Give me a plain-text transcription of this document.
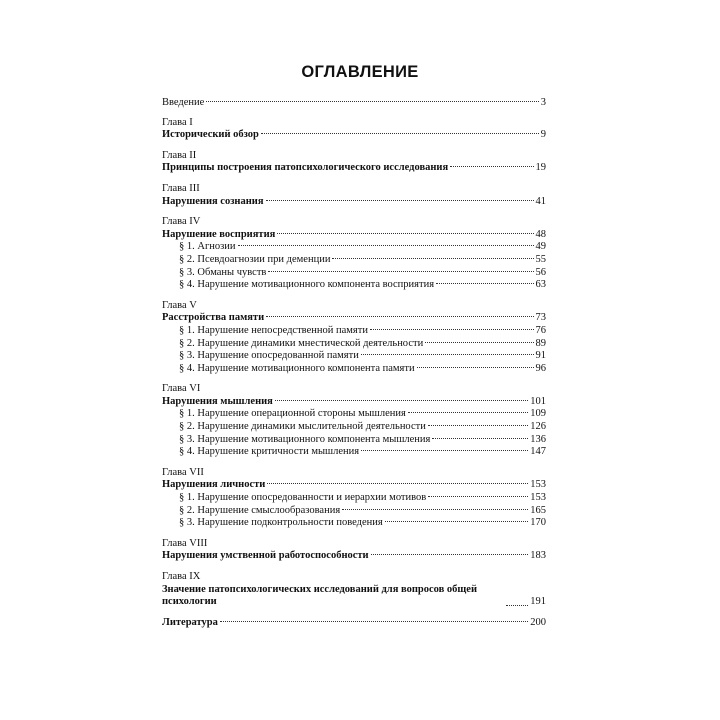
ОГЛАВЛЕНИЕ
Введение	3
Глава I
Исторический обзор	9
Глава II
Принципы построения патопсихологического исследования	19
Глава III
Нарушения сознания	41
Глава IV
Нарушение восприятия	48
§ 1. Агнозии	49
§ 2. Псевдоагнозии при деменции	55
§ 3. Обманы чувств	56
§ 4. Нарушение мотивационного компонента восприятия	63
Глава V
Расстройства памяти	73
§ 1. Нарушение непосредственной памяти	76
§ 2. Нарушение динамики мнестической деятельности	89
§ 3. Нарушение опосредованной памяти	91
§ 4. Нарушение мотивационного компонента памяти	96
Глава VI
Нарушения мышления	101
§ 1. Нарушение операционной стороны мышления	109
§ 2. Нарушение динамики мыслительной деятельности	126
§ 3. Нарушение мотивационного компонента мышления	136
§ 4. Нарушение критичности мышления	147
Глава VII
Нарушения личности	153
§ 1. Нарушение опосредованности и иерархии мотивов	153
§ 2. Нарушение смыслообразования	165
§ 3. Нарушение подконтрольности поведения	170
Глава VIII
Нарушения умственной работоспособности	183
Глава IX
Значение патопсихологических исследований для вопросов общей психологии	191
Литература	200
